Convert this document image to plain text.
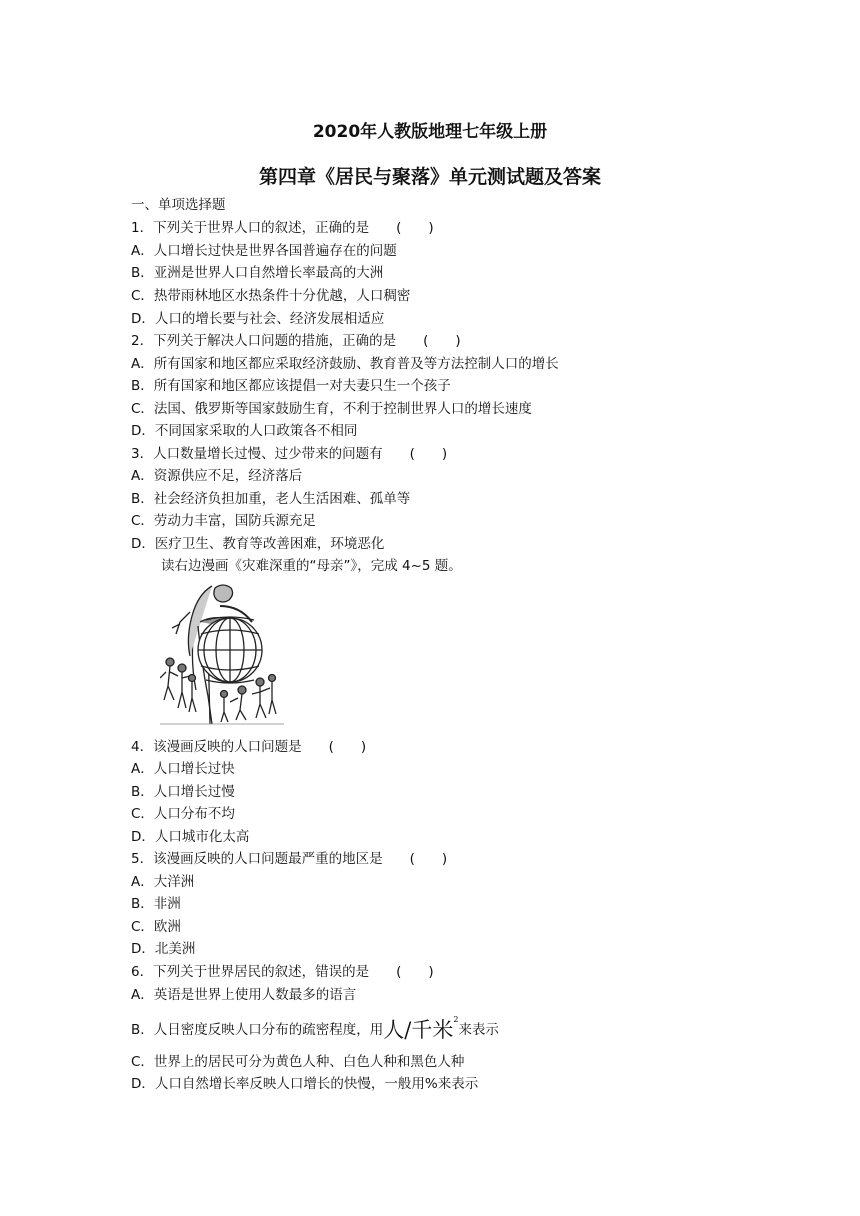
2020年人教版地理七年级上册
第四章《居民与聚落》单元测试题及答案
一、单项选择题
1．下列关于世界人口的叙述，正确的是　　(　　)
A．人口增长过快是世界各国普遍存在的问题
B．亚洲是世界人口自然增长率最高的大洲
C．热带雨林地区水热条件十分优越，人口稠密
D．人口的增长要与社会、经济发展相适应
2．下列关于解决人口问题的措施，正确的是　　(　　)
A．所有国家和地区都应采取经济鼓励、教育普及等方法控制人口的增长
B．所有国家和地区都应该提倡一对夫妻只生一个孩子
C．法国、俄罗斯等国家鼓励生育，不利于控制世界人口的增长速度
D．不同国家采取的人口政策各不相同
3．人口数量增长过慢、过少带来的问题有　　(　　)
A．资源供应不足，经济落后
B．社会经济负担加重，老人生活困难、孤单等
C．劳动力丰富，国防兵源充足
D．医疗卫生、教育等改善困难，环境恶化
读右边漫画《灾难深重的“母亲”》，完成 4~5 题。
4．该漫画反映的人口问题是　　(　　)
A．人口增长过快
B．人口增长过慢
C．人口分布不均
D．人口城市化太高
5．该漫画反映的人口问题最严重的地区是　　(　　)
A．大洋洲
B．非洲
C．欧洲
D．北美洲
6．下列关于世界居民的叙述，错误的是　　(　　)
A．英语是世界上使用人数最多的语言
B．人日密度反映人口分布的疏密程度，用人/千米$^2$来表示
C．世界上的居民可分为黄色人种、白色人种和黑色人种
D．人口自然增长率反映人口增长的快慢，一般用%来表示
